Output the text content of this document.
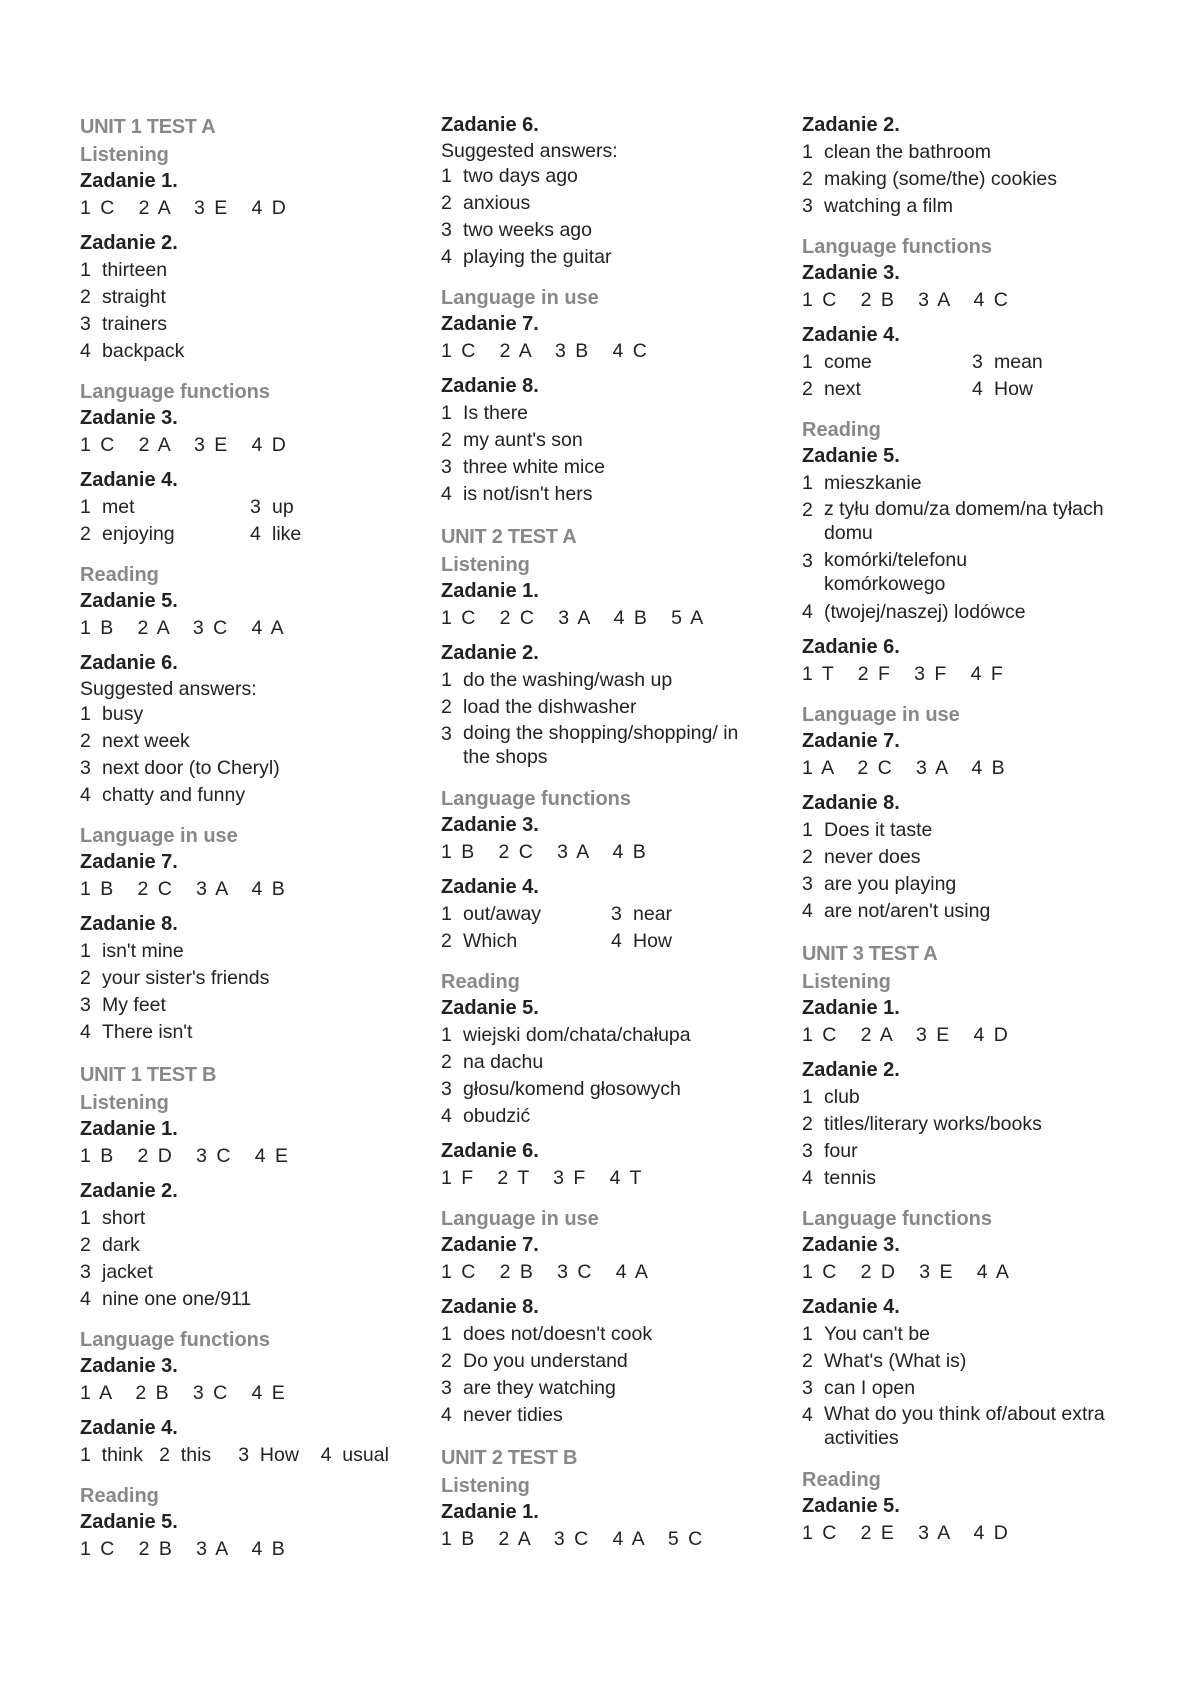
UNIT 1 TEST A
Listening
Zadanie 1.
1 C   2 A   3 E   4 D
Zadanie 2.
1 thirteen
2 straight
3 trainers
4 backpack
Language functions
Zadanie 3.
1 C   2 A   3 E   4 D
Zadanie 4.
1 met	3 up
2 enjoying	4 like
Reading
Zadanie 5.
1 B   2 A   3 C   4 A
Zadanie 6.
Suggested answers:
1 busy
2 next week
3 next door (to Cheryl)
4 chatty and funny
Language in use
Zadanie 7.
1 B   2 C   3 A   4 B
Zadanie 8.
1 isn't mine
2 your sister's friends
3 My feet
4 There isn't
UNIT 1 TEST B
Listening
Zadanie 1.
1 B   2 D   3 C   4 E
Zadanie 2.
1 short
2 dark
3 jacket
4 nine one one/911
Language functions
Zadanie 3.
1 A   2 B   3 C   4 E
Zadanie 4.
1  think   2  this     3  How    4  usual
Reading
Zadanie 5.
1 C   2 B   3 A   4 B
Zadanie 6.
Suggested answers:
1 two days ago
2 anxious
3 two weeks ago
4 playing the guitar
Language in use
Zadanie 7.
1 C   2 A   3 B   4 C
Zadanie 8.
1 Is there
2 my aunt's son
3 three white mice
4 is not/isn't hers
UNIT 2 TEST A
Listening
Zadanie 1.
1 C   2 C   3 A   4 B   5 A
Zadanie 2.
1 do the washing/wash up
2 load the dishwasher
3 doing the shopping/shopping/ in the shops
Language functions
Zadanie 3.
1 B   2 C   3 A   4 B
Zadanie 4.
1 out/away	3 near
2 Which	4 How
Reading
Zadanie 5.
1 wiejski dom/chata/chałupa
2 na dachu
3 głosu/komend głosowych
4 obudzić
Zadanie 6.
1 F   2 T   3 F   4 T
Language in use
Zadanie 7.
1 C   2 B   3 C   4 A
Zadanie 8.
1 does not/doesn't cook
2 Do you understand
3 are they watching
4 never tidies
UNIT 2 TEST B
Listening
Zadanie 1.
1 B   2 A   3 C   4 A   5 C
Zadanie 2.
1 clean the bathroom
2 making (some/the) cookies
3 watching a film
Language functions
Zadanie 3.
1 C   2 B   3 A   4 C
Zadanie 4.
1 come	3 mean
2 next	4 How
Reading
Zadanie 5.
1 mieszkanie
2 z tyłu domu/za domem/na tyłach domu
3 komórki/telefonu komórkowego
4 (twojej/naszej) lodówce
Zadanie 6.
1 T   2 F   3 F   4 F
Language in use
Zadanie 7.
1 A   2 C   3 A   4 B
Zadanie 8.
1 Does it taste
2 never does
3 are you playing
4 are not/aren't using
UNIT 3 TEST A
Listening
Zadanie 1.
1 C   2 A   3 E   4 D
Zadanie 2.
1 club
2 titles/literary works/books
3 four
4 tennis
Language functions
Zadanie 3.
1 C   2 D   3 E   4 A
Zadanie 4.
1 You can't be
2 What's (What is)
3 can I open
4 What do you think of/about extra activities
Reading
Zadanie 5.
1 C   2 E   3 A   4 D
